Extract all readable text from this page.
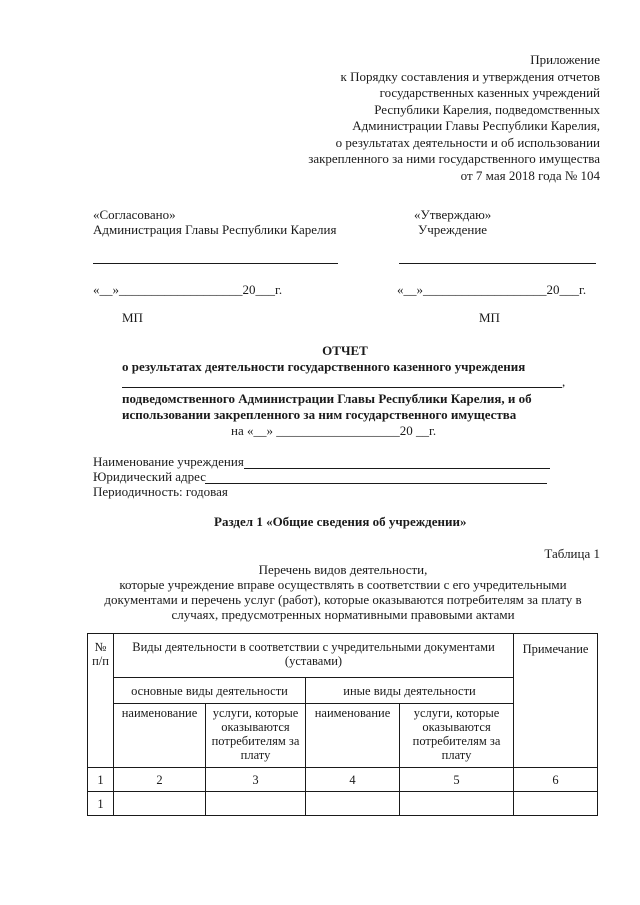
Приложение
к Порядку составления и утверждения отчетов
государственных казенных учреждений
Республики Карелия, подведомственных
Администрации Главы Республики Карелия,
о результатах деятельности и об использовании
закрепленного за ними государственного имущества
от 7 мая 2018 года № 104
«Согласовано»
Администрация Главы Республики Карелия
«Утверждаю»
Учреждение
«__»___________________20___г.	«__»___________________20___г.
МП	МП
ОТЧЕТ
о результатах деятельности государственного казенного учреждения
,
подведомственного Администрации Главы Республики Карелия, и об
использовании закрепленного за ним государственного имущества
на «__» ___________________20 __г.
Наименование учреждения
Юридический адрес
Периодичность: годовая
Раздел 1 «Общие сведения об учреждении»
Таблица 1
Перечень видов деятельности,
которые учреждение вправе осуществлять в соответствии с его учредительными
документами и перечень услуг (работ), которые оказываются потребителям за плату в
случаях, предусмотренных нормативными правовыми актами
№ п/п	Виды деятельности в соответствии с учредительными документами (уставами)				Примечание
	основные виды деятельности		иные виды деятельности		
	наименование	услуги, которые оказываются потребителям за плату	наименование	услуги, которые оказываются потребителям за плату	
1	2	3	4	5	6
1					
